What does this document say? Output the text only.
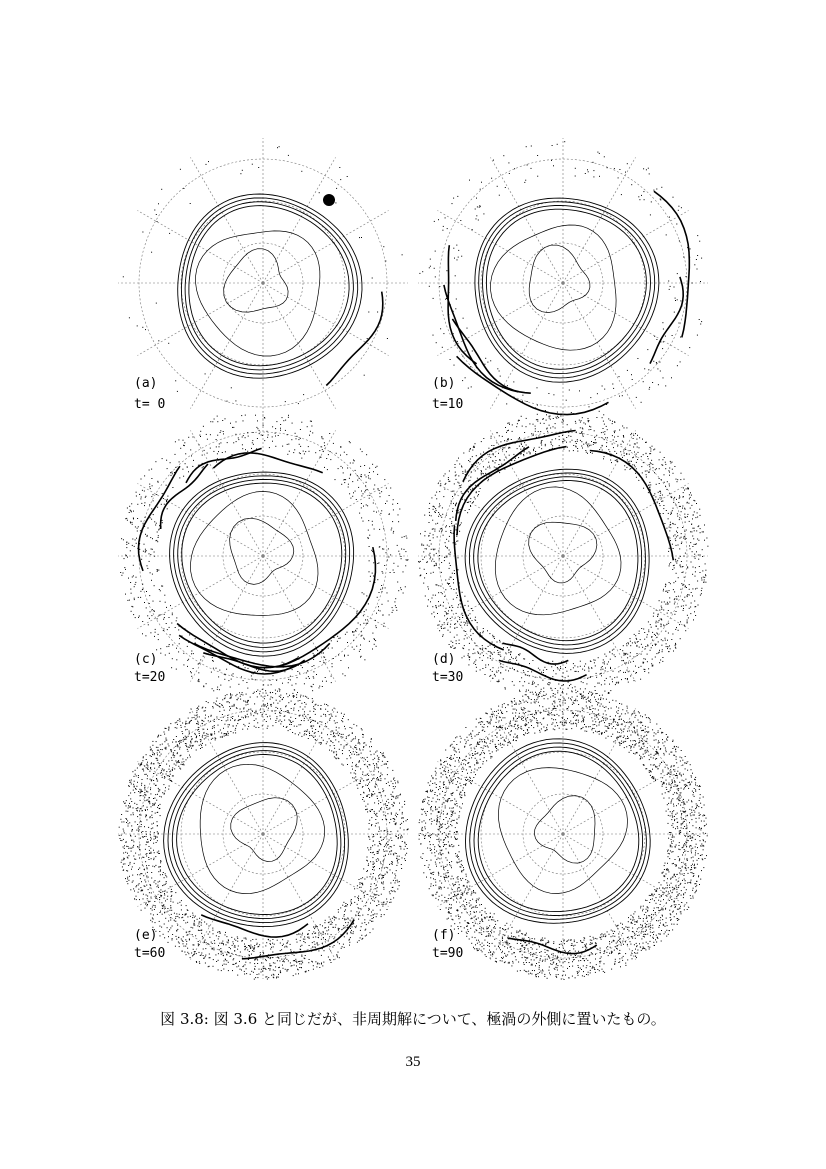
(a)
t= 0
(b)
t=10
(c)
t=20
(d)
t=30
(e)
t=60
(f)
t=90
図 3.8: 図 3.6 と同じだが、非周期解について、極渦の外側に置いたもの。
35
